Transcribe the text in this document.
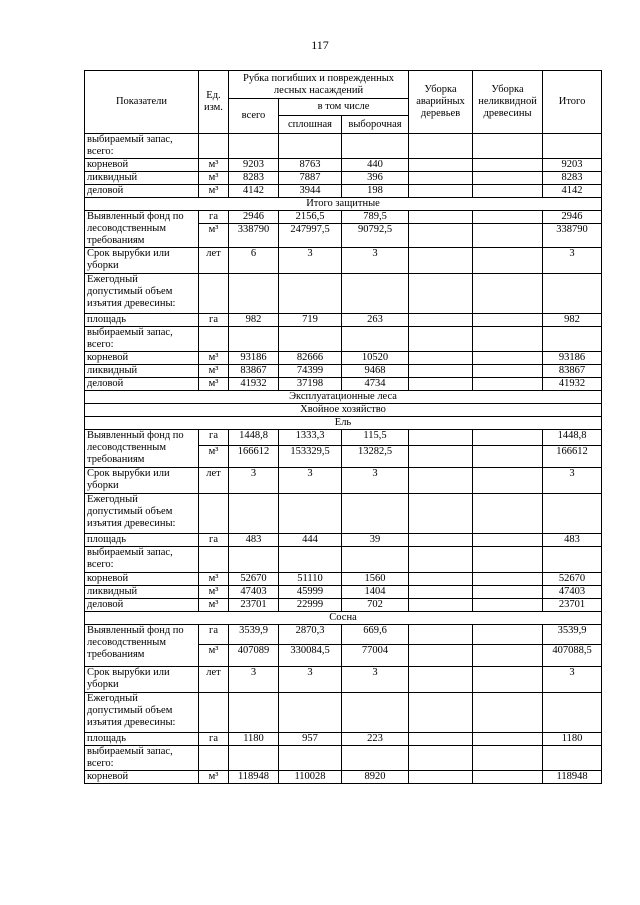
117
Показатели	Ед. изм.	Рубка погибших и поврежденных лесных насаждений			Уборка аварийных деревьев	Уборка неликвидной древесины	Итого
		всего	в том числе				
			сплошная	выборочная			
выбираемый запас, всего:							
корневой	м³	9203	8763	440			9203
ликвидный	м³	8283	7887	396			8283
деловой	м³	4142	3944	198			4142
Итого защитные							
Выявленный фонд по лесоводственным требованиям	га	2946	2156,5	789,5			2946
	м³	338790	247997,5	90792,5			338790
Срок вырубки или уборки	лет	6	3	3			3
Ежегодный допустимый объем изъятия древесины:							
площадь	га	982	719	263			982
выбираемый запас, всего:							
корневой	м³	93186	82666	10520			93186
ликвидный	м³	83867	74399	9468			83867
деловой	м³	41932	37198	4734			41932
Эксплуатационные леса							
Хвойное хозяйство							
Ель							
Выявленный фонд по лесоводственным требованиям	га	1448,8	1333,3	115,5			1448,8
	м³	166612	153329,5	13282,5			166612
Срок вырубки или уборки	лет	3	3	3			3
Ежегодный допустимый объем изъятия древесины:							
площадь	га	483	444	39			483
выбираемый запас, всего:							
корневой	м³	52670	51110	1560			52670
ликвидный	м³	47403	45999	1404			47403
деловой	м³	23701	22999	702			23701
Сосна							
Выявленный фонд по лесоводственным требованиям	га	3539,9	2870,3	669,6			3539,9
	м³	407089	330084,5	77004			407088,5
Срок вырубки или уборки	лет	3	3	3			3
Ежегодный допустимый объем изъятия древесины:							
площадь	га	1180	957	223			1180
выбираемый запас, всего:							
корневой	м³	118948	110028	8920			118948
